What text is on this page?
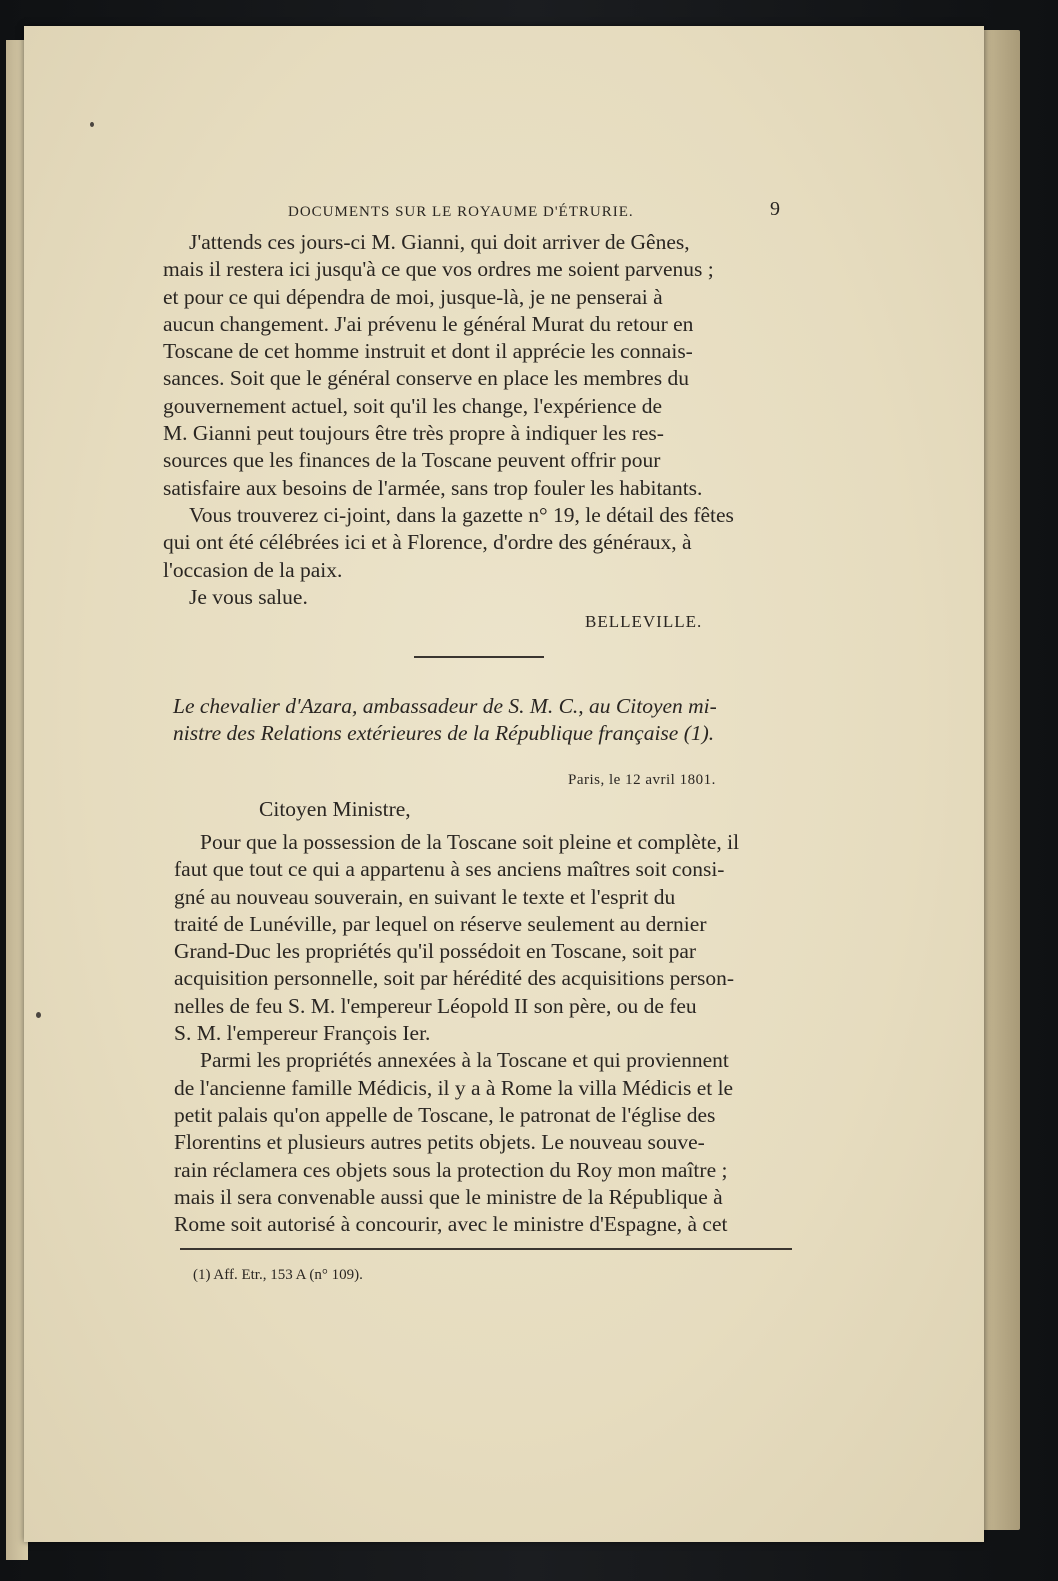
DOCUMENTS SUR LE ROYAUME D'ÉTRURIE.	9
J'attends ces jours-ci M. Gianni, qui doit arriver de Gênes,
mais il restera ici jusqu'à ce que vos ordres me soient parvenus ;
et pour ce qui dépendra de moi, jusque-là, je ne penserai à
aucun changement. J'ai prévenu le général Murat du retour en
Toscane de cet homme instruit et dont il apprécie les connais-
sances. Soit que le général conserve en place les membres du
gouvernement actuel, soit qu'il les change, l'expérience de
M. Gianni peut toujours être très propre à indiquer les res-
sources que les finances de la Toscane peuvent offrir pour
satisfaire aux besoins de l'armée, sans trop fouler les habitants.
Vous trouverez ci-joint, dans la gazette n° 19, le détail des fêtes
qui ont été célébrées ici et à Florence, d'ordre des généraux, à
l'occasion de la paix.
Je vous salue.
BELLEVILLE.
Le chevalier d'Azara, ambassadeur de S. M. C., au Citoyen mi-
nistre des Relations extérieures de la République française (1).
Paris, le 12 avril 1801.
Citoyen Ministre,
Pour que la possession de la Toscane soit pleine et complète, il
faut que tout ce qui a appartenu à ses anciens maîtres soit consi-
gné au nouveau souverain, en suivant le texte et l'esprit du
traité de Lunéville, par lequel on réserve seulement au dernier
Grand-Duc les propriétés qu'il possédoit en Toscane, soit par
acquisition personnelle, soit par hérédité des acquisitions person-
nelles de feu S. M. l'empereur Léopold II son père, ou de feu
S. M. l'empereur François Ier.
Parmi les propriétés annexées à la Toscane et qui proviennent
de l'ancienne famille Médicis, il y a à Rome la villa Médicis et le
petit palais qu'on appelle de Toscane, le patronat de l'église des
Florentins et plusieurs autres petits objets. Le nouveau souve-
rain réclamera ces objets sous la protection du Roy mon maître ;
mais il sera convenable aussi que le ministre de la République à
Rome soit autorisé à concourir, avec le ministre d'Espagne, à cet
(1) Aff. Etr., 153 A (n° 109).
